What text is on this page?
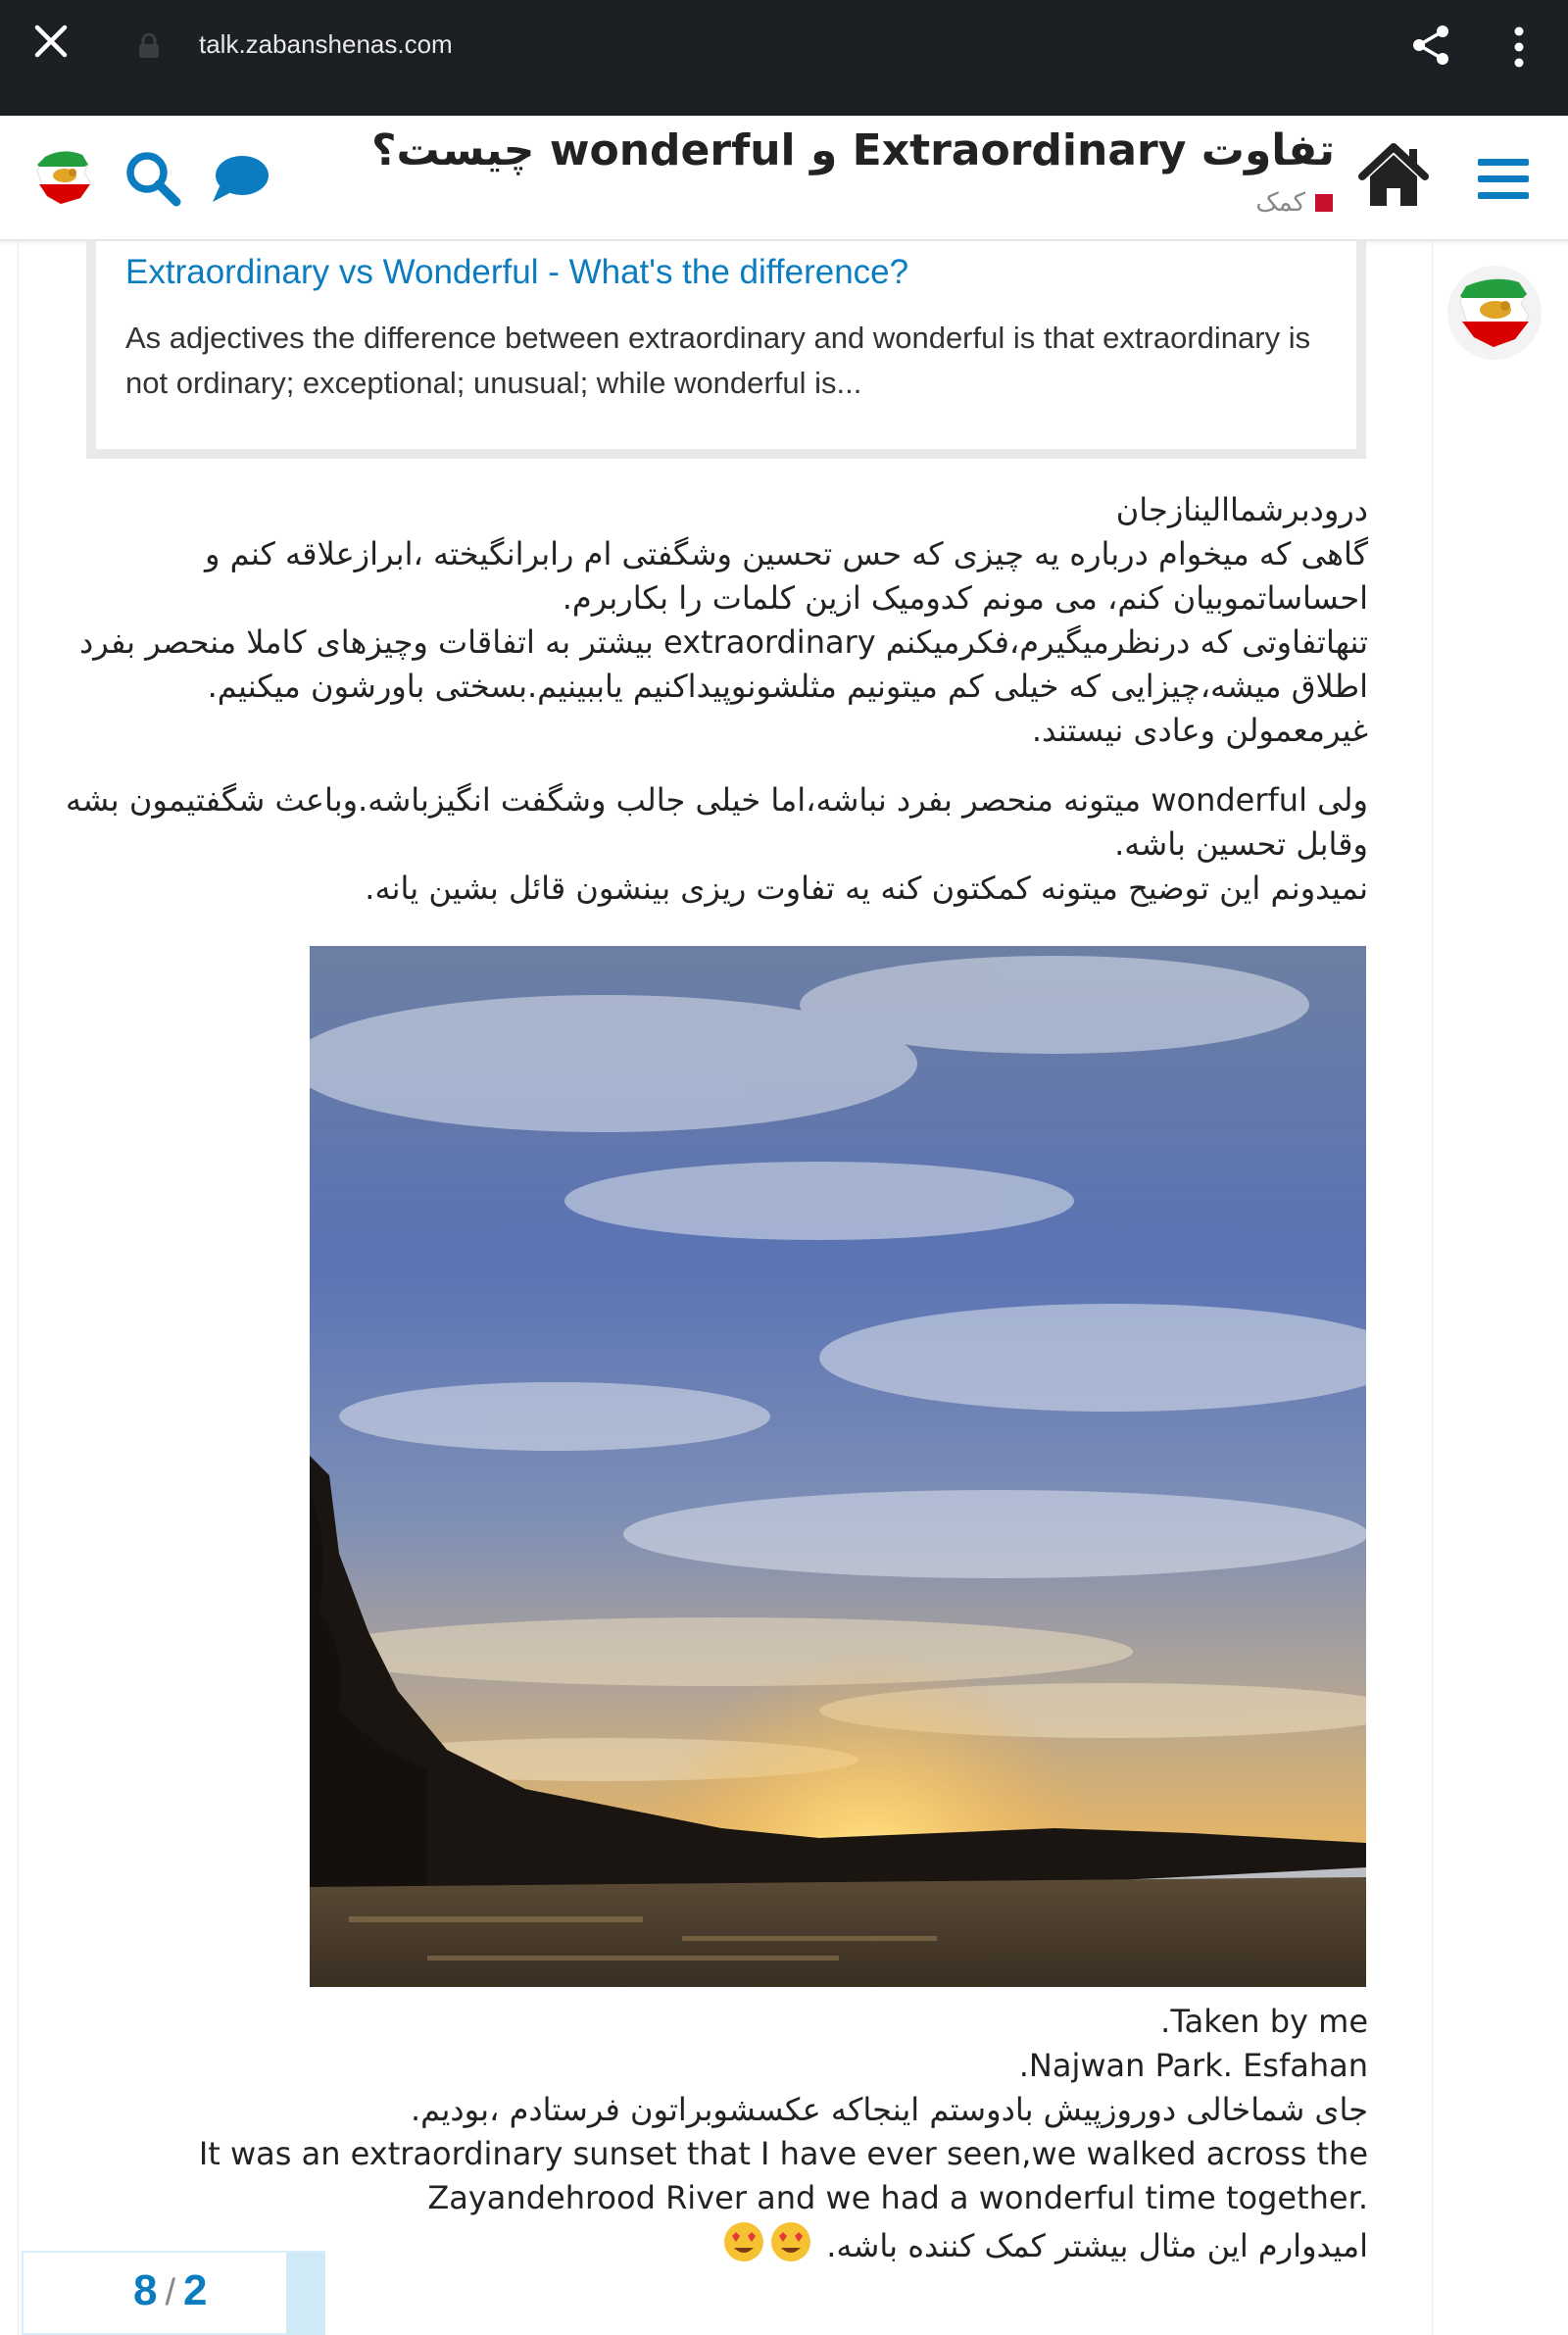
talk.zabanshenas.com
تفاوت Extraordinary و wonderful چیست؟
کمک
Extraordinary vs Wonderful - What's the difference?
As adjectives the difference between extraordinary and wonderful is that extraordinary is not ordinary; exceptional; unusual; while wonderful is...
درودبرشماالینازجان
گاهی که میخوام درباره یه چیزی که حس تحسین وشگفتی ام رابرانگیخته ،ابرازعلاقه کنم و احساساتموبیان کنم، می مونم کدومیک ازین کلمات را بکاربرم.
تنهاتفاوتی که درنظرمیگیرم،فکرمیکنم extraordinary بیشتر به اتفاقات وچیزهای کاملا منحصر بفرد اطلاق میشه،چیزایی که خیلی کم میتونیم مثلشونوپیداکنیم یاببینیم.بسختی باورشون میکنیم. غیرمعمولن وعادی نیستند.
ولی wonderful میتونه منحصر بفرد نباشه،اما خیلی جالب وشگفت انگیزباشه.وباعث شگفتیمون بشه وقابل تحسین باشه.
نمیدونم این توضیح میتونه کمکتون کنه یه تفاوت ریزی بینشون قائل بشین یانه.
.Taken by me
.Najwan Park. Esfahan
جای شماخالی دوروزپیش بادوستم اینجاکه عکسشوبراتون فرستادم ،بودیم.
It was an extraordinary sunset that I have ever seen,we walked across the Zayandehrood River and we had a wonderful time together.
امیدوارم این مثال بیشتر کمک کننده باشه.
8 / 2
